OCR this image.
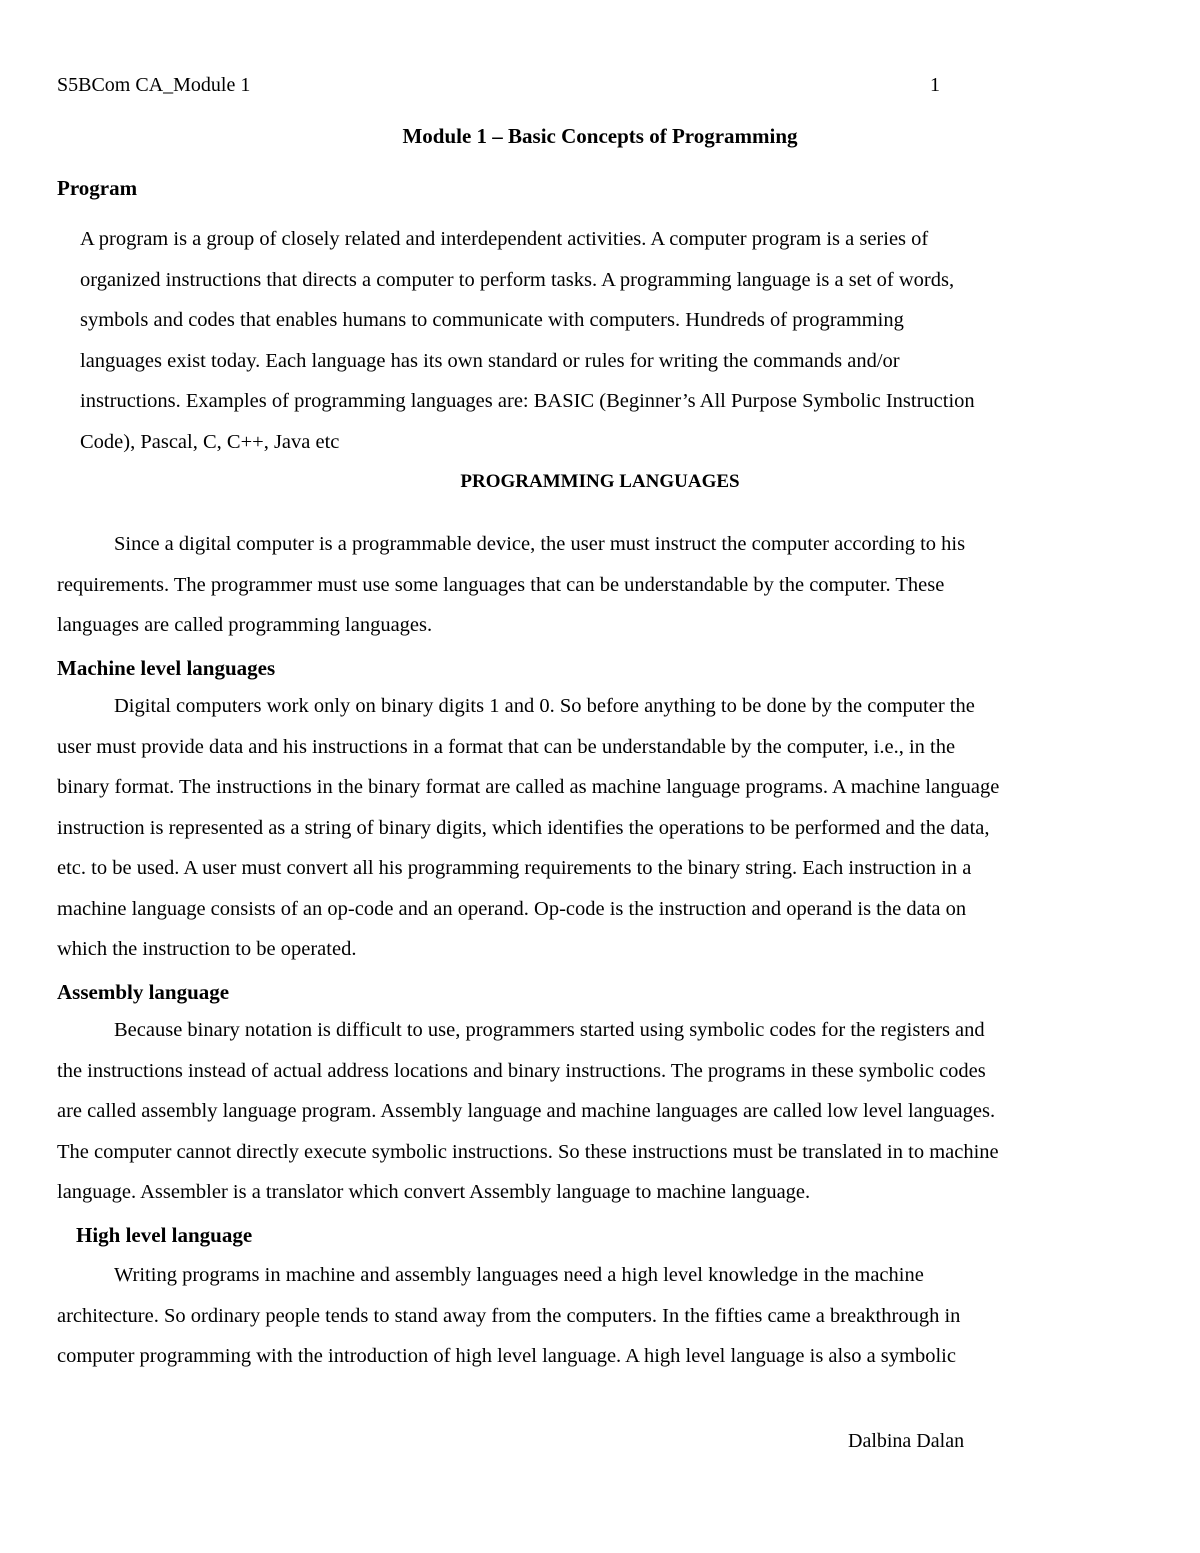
S5BCom CA_Module 1	1
Module 1 – Basic Concepts of Programming
Program
A program is a group of closely related and interdependent activities. A computer program is a series of
organized instructions that directs a computer to perform tasks. A programming language is a set of words,
symbols and codes that enables humans to communicate with computers. Hundreds of programming
languages exist today. Each language has its own standard or rules for writing the commands and/or
instructions. Examples of programming languages are: BASIC (Beginner’s All Purpose Symbolic Instruction
Code), Pascal, C, C++, Java etc
PROGRAMMING LANGUAGES
Since a digital computer is a programmable device, the user must instruct the computer according to his
requirements. The programmer must use some languages that can be understandable by the computer. These
languages are called programming languages.
Machine level languages
Digital computers work only on binary digits 1 and 0. So before anything to be done by the computer the
user must provide data and his instructions in a format that can be understandable by the computer, i.e., in the
binary format. The instructions in the binary format are called as machine language programs. A machine language
instruction is represented as a string of binary digits, which identifies the operations to be performed and the data,
etc. to be used. A user must convert all his programming requirements to the binary string. Each instruction in a
machine language consists of an op-code and an operand. Op-code is the instruction and operand is the data on
which the instruction to be operated.
Assembly language
Because binary notation is difficult to use, programmers started using symbolic codes for the registers and
the instructions instead of actual address locations and binary instructions. The programs in these symbolic codes
are called assembly language program. Assembly language and machine languages are called low level languages.
The computer cannot directly execute symbolic instructions. So these instructions must be translated in to machine
language. Assembler is a translator which convert Assembly language to machine language.
High level language
Writing programs in machine and assembly languages need a high level knowledge in the machine
architecture. So ordinary people tends to stand away from the computers. In the fifties came a breakthrough in
computer programming with the introduction of high level language. A high level language is also a symbolic
Dalbina Dalan
